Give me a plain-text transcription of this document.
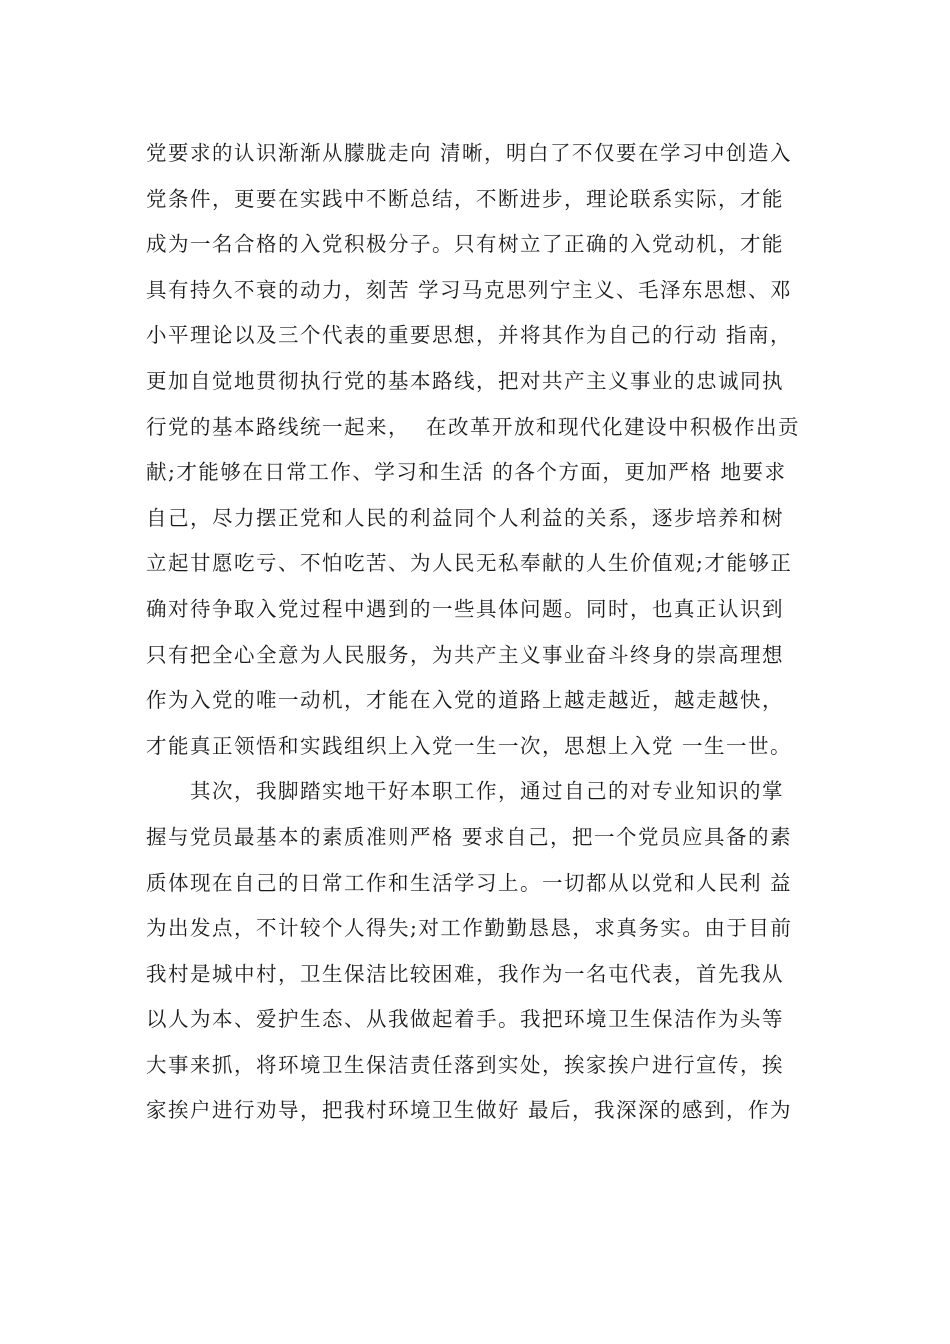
党要求的认识渐渐从朦胧走向 清晰，明白了不仅要在学习中创造入
党条件，更要在实践中不断总结，不断进步，理论联系实际，才能
成为一名合格的入党积极分子。只有树立了正确的入党动机，才能
具有持久不衰的动力，刻苦 学习马克思列宁主义、毛泽东思想、邓
小平理论以及三个代表的重要思想，并将其作为自己的行动 指南，
更加自觉地贯彻执行党的基本路线，把对共产主义事业的忠诚同执
行党的基本路线统一起来，  在改革开放和现代化建设中积极作出贡
献;才能够在日常工作、学习和生活 的各个方面，更加严格 地要求
自己，尽力摆正党和人民的利益同个人利益的关系，逐步培养和树
立起甘愿吃亏、不怕吃苦、为人民无私奉献的人生价值观;才能够正
确对待争取入党过程中遇到的一些具体问题。同时，也真正认识到
只有把全心全意为人民服务，为共产主义事业奋斗终身的崇高理想
作为入党的唯一动机，才能在入党的道路上越走越近，越走越快，
才能真正领悟和实践组织上入党一生一次，思想上入党 一生一世。
　　其次，我脚踏实地干好本职工作，通过自己的对专业知识的掌
握与党员最基本的素质准则严格 要求自己，把一个党员应具备的素
质体现在自己的日常工作和生活学习上。一切都从以党和人民利 益
为出发点，不计较个人得失;对工作勤勤恳恳，求真务实。由于目前
我村是城中村，卫生保洁比较困难，我作为一名屯代表，首先我从
以人为本、爱护生态、从我做起着手。我把环境卫生保洁作为头等
大事来抓，将环境卫生保洁责任落到实处，挨家挨户进行宣传，挨
家挨户进行劝导，把我村环境卫生做好 最后，我深深的感到，作为
